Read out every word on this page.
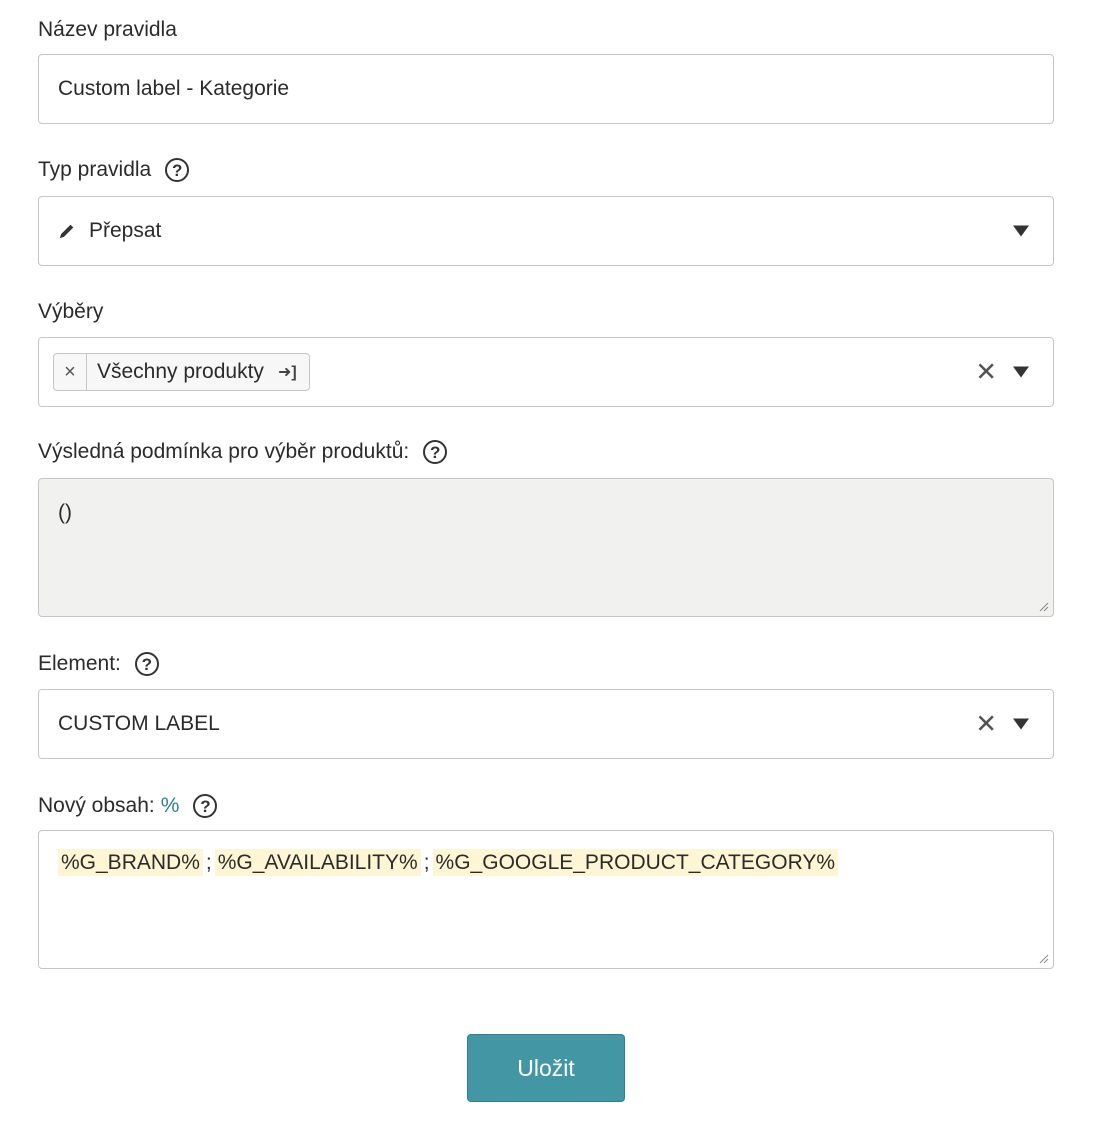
Název pravidla
Custom label - Kategorie
Typ pravidla	?
Přepsat
Výběry
×	Všechny produkty ➜]	✕
Výsledná podmínka pro výběr produktů:	?
()
Element:	?
CUSTOM LABEL	✕
Nový obsah: %	?
%G_BRAND% ; %G_AVAILABILITY% ; %G_GOOGLE_PRODUCT_CATEGORY%
Uložit
